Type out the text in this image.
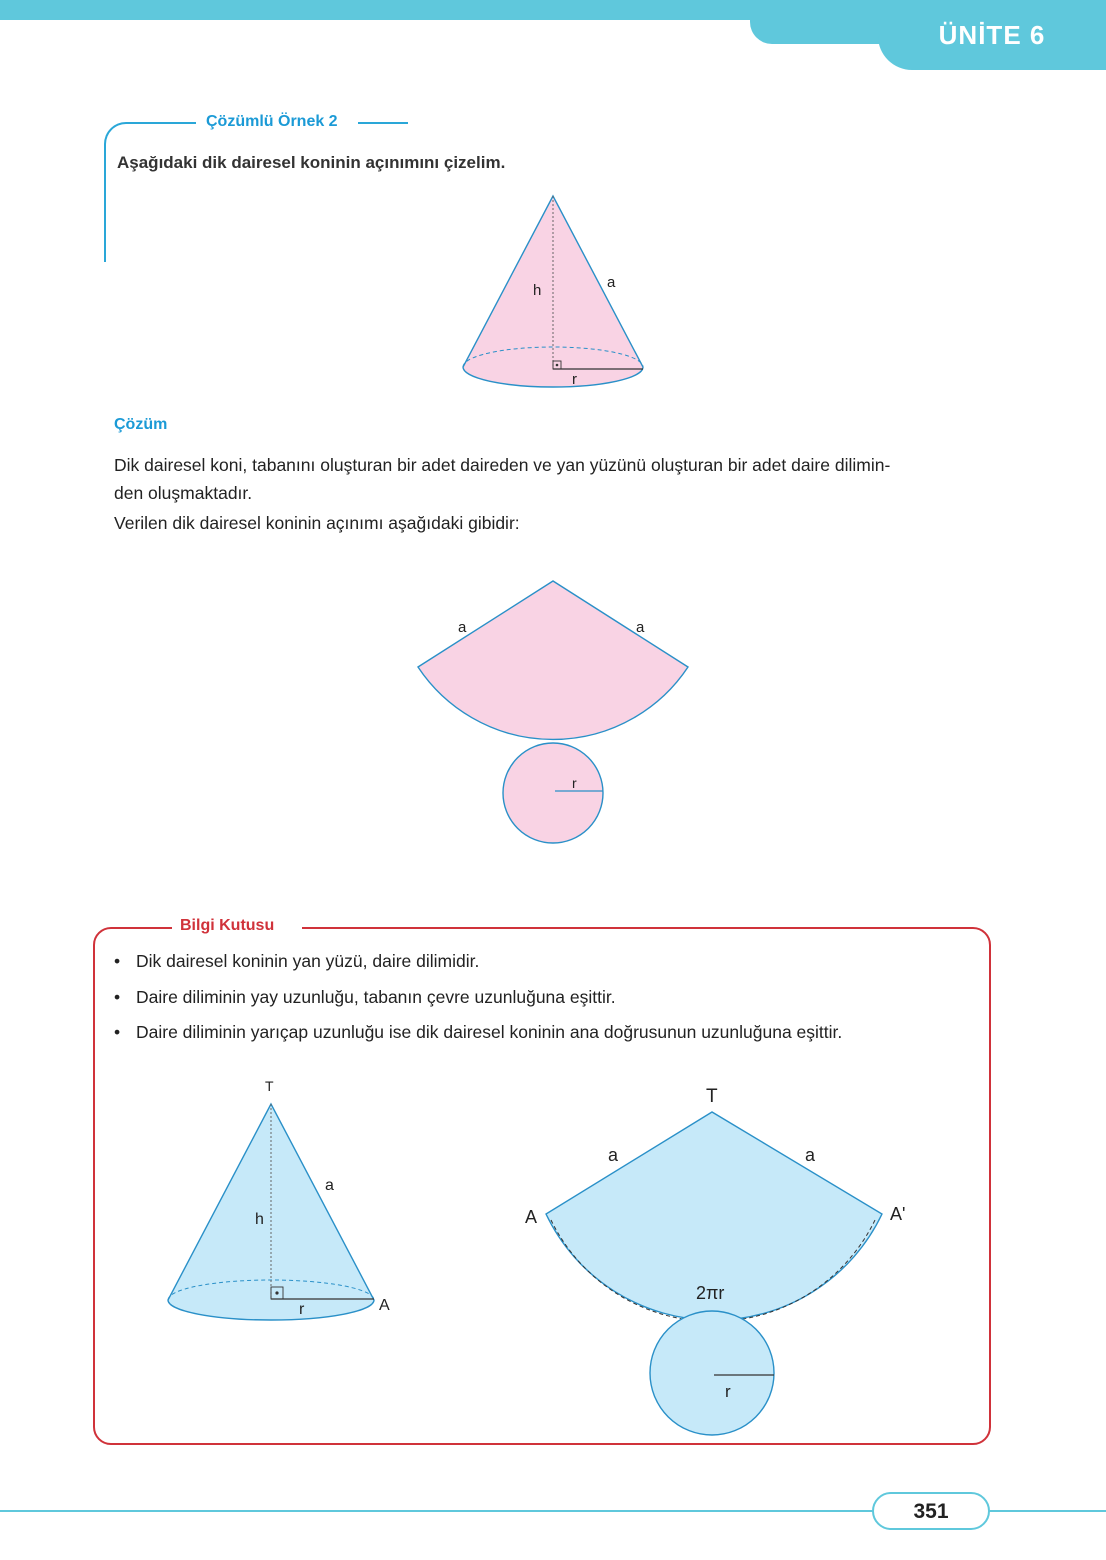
ÜNİTE 6
Çözümlü Örnek 2
Aşağıdaki dik dairesel koninin açınımını çizelim.
h	a
r
Çözüm
Dik dairesel koni, tabanını oluşturan bir adet daireden ve yan yüzünü oluşturan bir adet daire dilimin-
den oluşmaktadır.
Verilen dik dairesel koninin açınımı aşağıdaki gibidir:
a	a
r
Bilgi Kutusu
• Dik dairesel koninin yan yüzü, daire dilimidir.
• Daire diliminin yay uzunluğu, tabanın çevre uzunluğuna eşittir.
• Daire diliminin yarıçap uzunluğu ise dik dairesel koninin ana doğrusunun uzunluğuna eşittir.
T
a
h
r	A
T
a	a
A	A'
2πr
r
351
